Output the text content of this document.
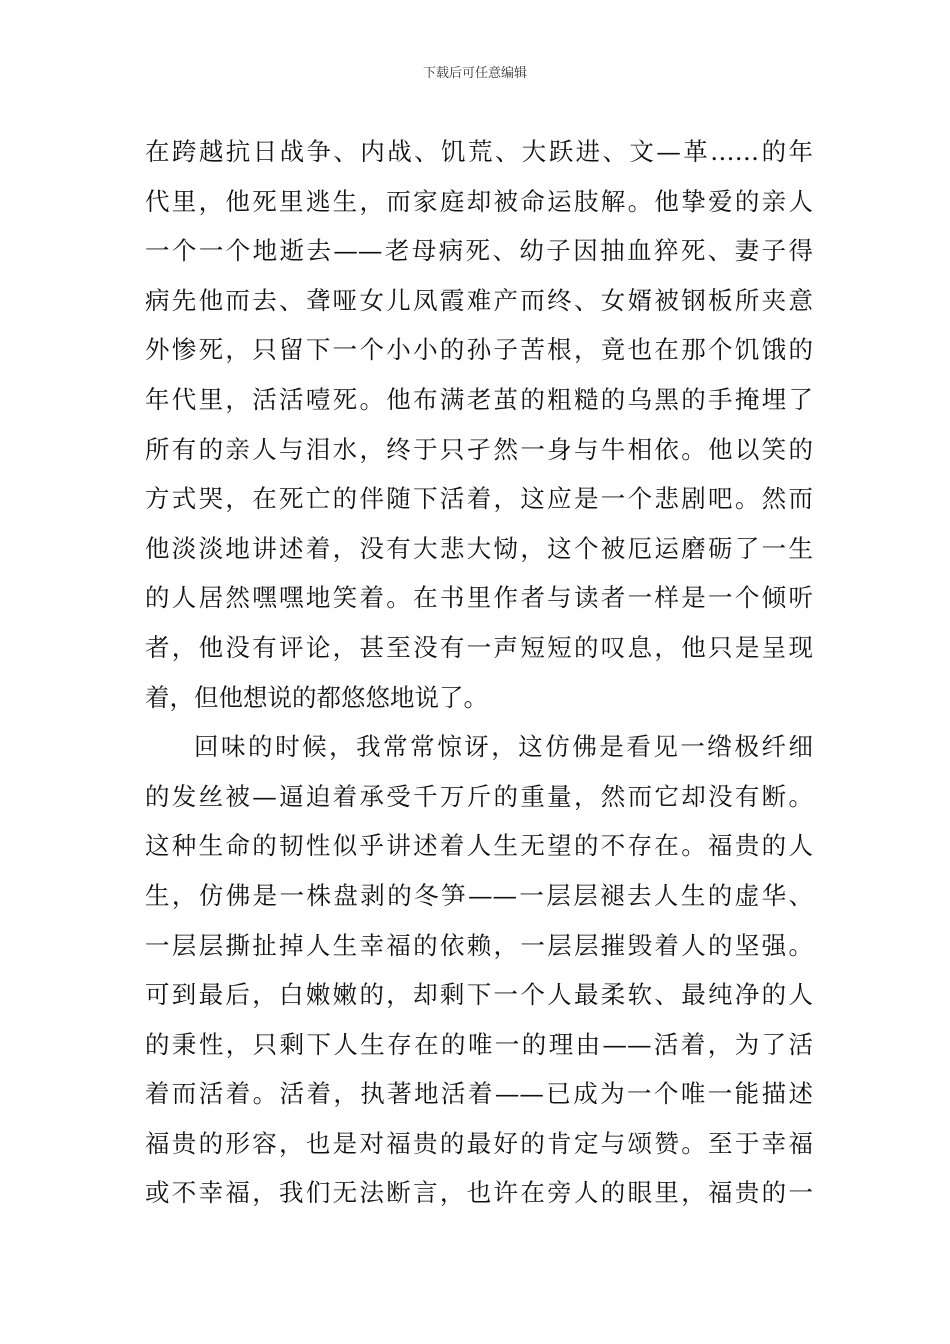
下载后可任意编辑
在跨越抗日战争、内战、饥荒、大跃进、文—革……的年
代里，他死里逃生，而家庭却被命运肢解。他挚爱的亲人
一个一个地逝去——老母病死、幼子因抽血猝死、妻子得
病先他而去、聋哑女儿凤霞难产而终、女婿被钢板所夹意
外惨死，只留下一个小小的孙子苦根，竟也在那个饥饿的
年代里，活活噎死。他布满老茧的粗糙的乌黑的手掩埋了
所有的亲人与泪水，终于只孑然一身与牛相依。他以笑的
方式哭，在死亡的伴随下活着，这应是一个悲剧吧。然而
他淡淡地讲述着，没有大悲大恸，这个被厄运磨砺了一生
的人居然嘿嘿地笑着。在书里作者与读者一样是一个倾听
者，他没有评论，甚至没有一声短短的叹息，他只是呈现
着，但他想说的都悠悠地说了。
回味的时候，我常常惊讶，这仿佛是看见一绺极纤细
的发丝被—逼迫着承受千万斤的重量，然而它却没有断。
这种生命的韧性似乎讲述着人生无望的不存在。福贵的人
生，仿佛是一株盘剥的冬笋——一层层褪去人生的虚华、
一层层撕扯掉人生幸福的依赖，一层层摧毁着人的坚强。
可到最后，白嫩嫩的，却剩下一个人最柔软、最纯净的人
的秉性，只剩下人生存在的唯一的理由——活着，为了活
着而活着。活着，执著地活着——已成为一个唯一能描述
福贵的形容，也是对福贵的最好的肯定与颂赞。至于幸福
或不幸福，我们无法断言，也许在旁人的眼里，福贵的一
